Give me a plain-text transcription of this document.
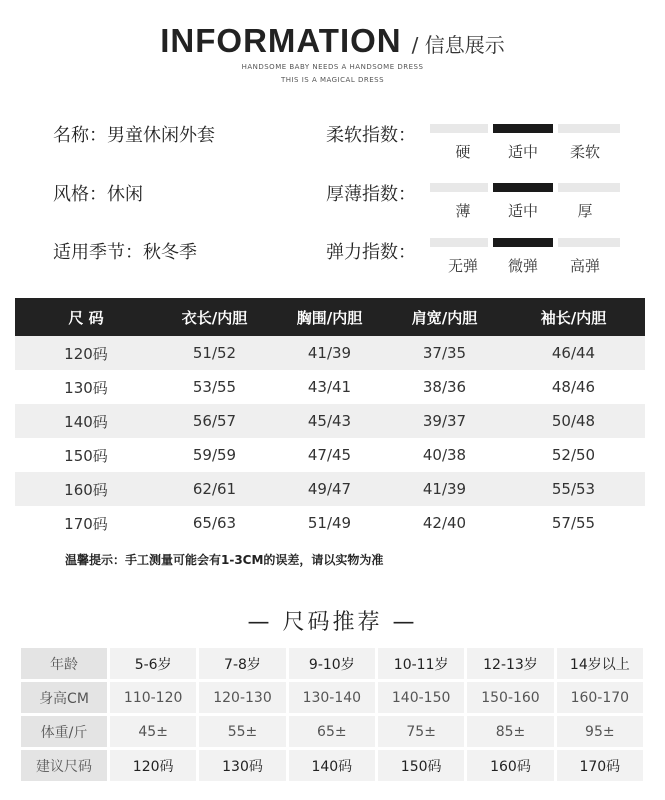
INFORMATION / 信息展示
HANDSOME BABY NEEDS A HANDSOME DRESS
THIS IS A MAGICAL DRESS
名称：男童休闲外套
风格：休闲
适用季节：秋冬季
柔软指数：
硬	适中	柔软
厚薄指数：
薄	适中	厚
弹力指数：
无弹	微弹	高弹
尺 码	衣长/内胆	胸围/内胆	肩宽/内胆	袖长/内胆
120码	51/52	41/39	37/35	46/44
130码	53/55	43/41	38/36	48/46
140码	56/57	45/43	39/37	50/48
150码	59/59	47/45	40/38	52/50
160码	62/61	49/47	41/39	55/53
170码	65/63	51/49	42/40	57/55
温馨提示：手工测量可能会有1-3CM的误差，请以实物为准
— 尺码推荐 —
年龄	5-6岁	7-8岁	9-10岁	10-11岁	12-13岁	14岁以上
身高CM	110-120	120-130	130-140	140-150	150-160	160-170
体重/斤	45±	55±	65±	75±	85±	95±
建议尺码	120码	130码	140码	150码	160码	170码
